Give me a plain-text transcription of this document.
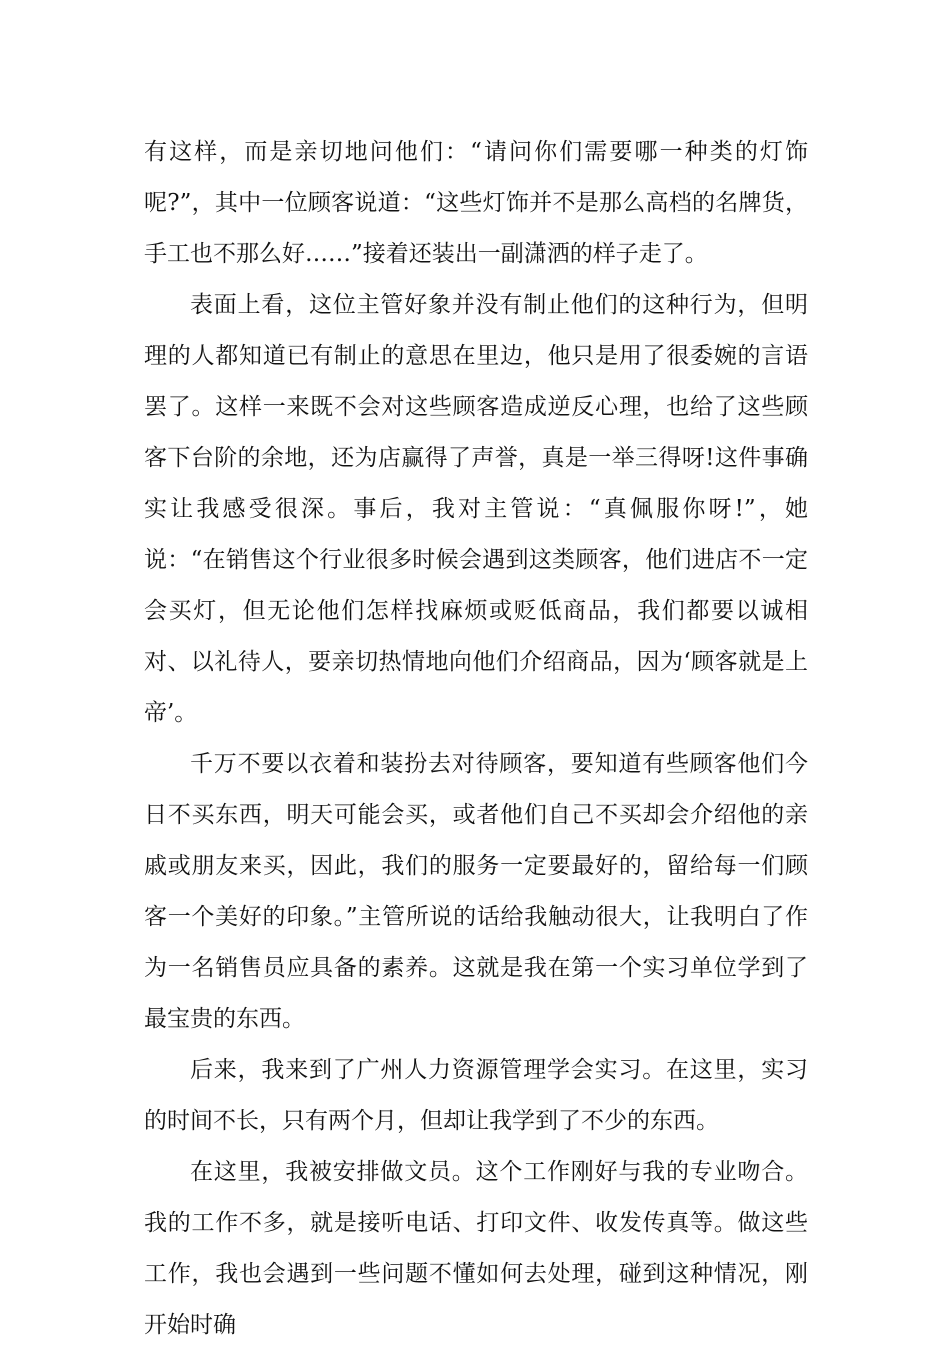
有这样，而是亲切地问他们：“请问你们需要哪一种类的灯饰呢?”，其中一位顾客说道：“这些灯饰并不是那么高档的名牌货，手工也不那么好……”接着还装出一副潇洒的样子走了。

表面上看，这位主管好象并没有制止他们的这种行为，但明理的人都知道已有制止的意思在里边，他只是用了很委婉的言语罢了。这样一来既不会对这些顾客造成逆反心理，也给了这些顾客下台阶的余地，还为店赢得了声誉，真是一举三得呀!这件事确实让我感受很深。事后，我对主管说：“真佩服你呀!”，她说：“在销售这个行业很多时候会遇到这类顾客，他们进店不一定会买灯，但无论他们怎样找麻烦或贬低商品，我们都要以诚相对、以礼待人，要亲切热情地向他们介绍商品，因为‘顾客就是上帝’。

千万不要以衣着和装扮去对待顾客，要知道有些顾客他们今日不买东西，明天可能会买，或者他们自己不买却会介绍他的亲戚或朋友来买，因此，我们的服务一定要最好的，留给每一们顾客一个美好的印象。”主管所说的话给我触动很大，让我明白了作为一名销售员应具备的素养。这就是我在第一个实习单位学到了最宝贵的东西。

后来，我来到了广州人力资源管理学会实习。在这里，实习的时间不长，只有两个月，但却让我学到了不少的东西。

在这里，我被安排做文员。这个工作刚好与我的专业吻合。我的工作不多，就是接听电话、打印文件、收发传真等。做这些工作，我也会遇到一些问题不懂如何去处理，碰到这种情况，刚开始时确
